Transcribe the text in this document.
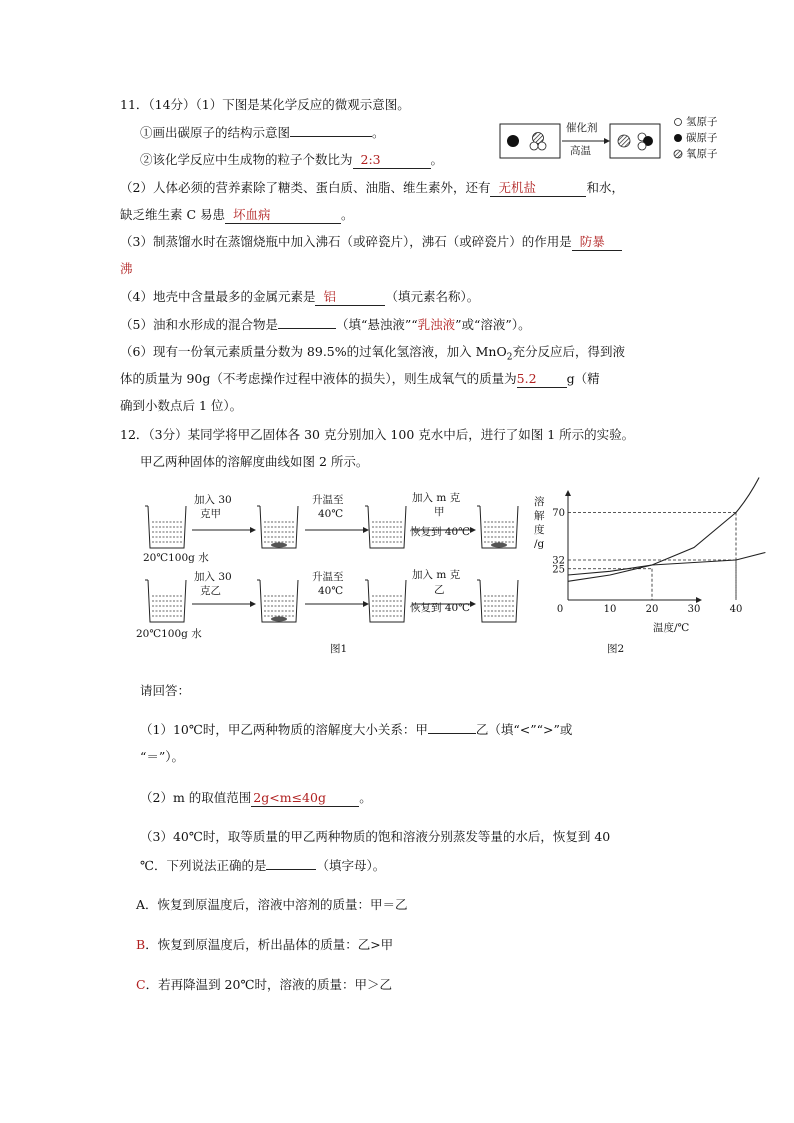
11．（14分）（1）下图是某化学反应的微观示意图。
①画出碳原子的结构示意图	。
②该化学反应中生成物的粒子个数比为 2:3	。
催化剂
高温
氢原子
碳原子
氧原子
（2）人体必须的营养素除了糖类、蛋白质、油脂、维生素外，还有 无机盐	和水，
缺乏维生素 C 易患 坏血病	。
（3）制蒸馏水时在蒸馏烧瓶中加入沸石（或碎瓷片），沸石（或碎瓷片）的作用是 防暴
沸
（4）地壳中含量最多的金属元素是 铝	（填元素名称）。
（5）油和水形成的混合物是	（填“悬浊液”“乳浊液”或“溶液”）。
（6）现有一份氧元素质量分数为 89.5%的过氧化氢溶液，加入 MnO$_2$充分反应后，得到液
体的质量为 90g（不考虑操作过程中液体的损失），则生成氧气的质量为5.2 g（精
确到小数点后 1 位）。
12．（3分）某同学将甲乙固体各 30 克分别加入 100 克水中后，进行了如图 1 所示的实验。
甲乙两种固体的溶解度曲线如图 2 所示。
加入 30
克甲
升温至
40℃
加入 m 克
甲
恢复到 40℃
20℃100g 水
加入 30
克乙
升温至
40℃
加入 m 克
乙
恢复到 40℃
20℃100g 水
图1
70
32
25
0	10	20	30	40
溶
解
度
/g
温度/℃
图2
请回答：
（1）10℃时，甲乙两种物质的溶解度大小关系：甲	乙（填“<”“>”或
“＝”）。
（2）m 的取值范围 2g<m≤40g	。
（3）40℃时，取等质量的甲乙两种物质的饱和溶液分别蒸发等量的水后，恢复到 40
℃．下列说法正确的是	（填字母）。
A．恢复到原温度后，溶液中溶剂的质量：甲＝乙
B．恢复到原温度后，析出晶体的质量：乙>甲
C．若再降温到 20℃时，溶液的质量：甲＞乙
